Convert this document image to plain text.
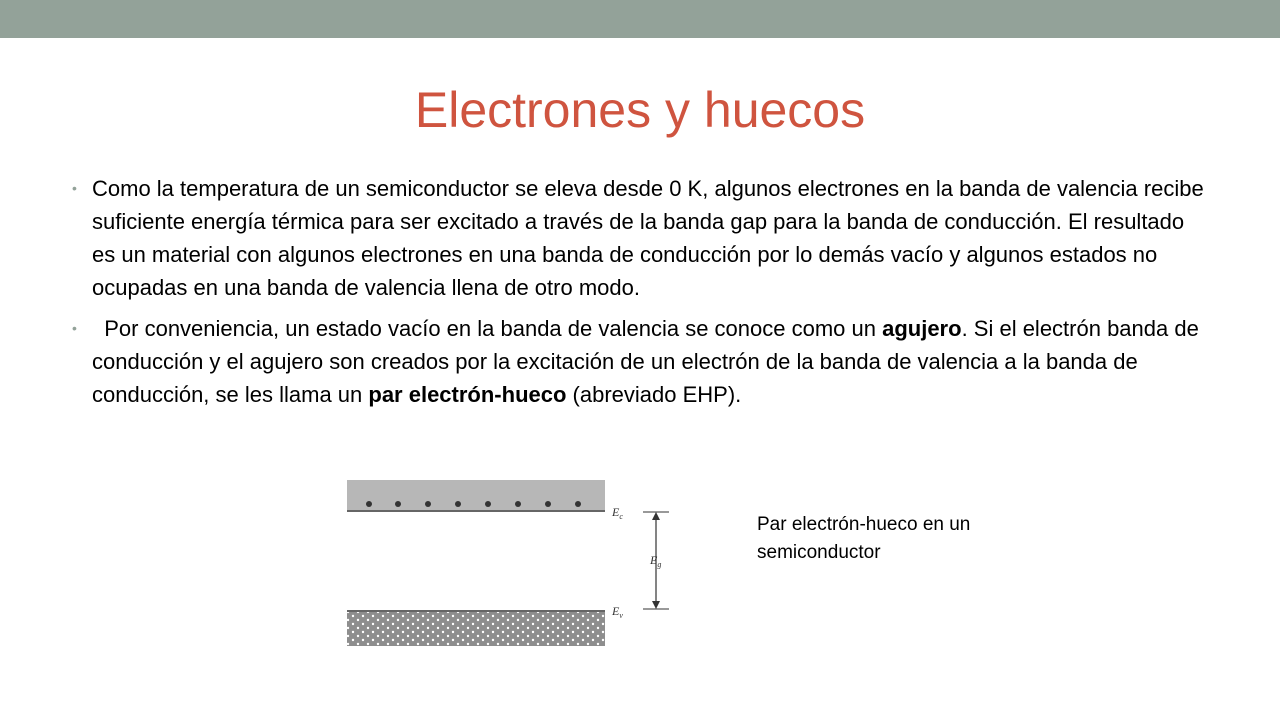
Electrones y huecos
• Como la temperatura de un semiconductor se eleva desde 0 K, algunos electrones en la banda de valencia recibe suficiente energía térmica para ser excitado a través de la banda gap para la banda de conducción. El resultado es un material con algunos electrones en una banda de conducción por lo demás vacío y algunos estados no ocupadas en una banda de valencia llena de otro modo.
• Por conveniencia, un estado vacío en la banda de valencia se conoce como un agujero. Si el electrón banda de conducción y el agujero son creados por la excitación de un electrón de la banda de valencia a la banda de conducción, se les llama un par electrón-hueco (abreviado EHP).
$E_c$
$E_g$
$E_v$
Par electrón-hueco en un semiconductor
